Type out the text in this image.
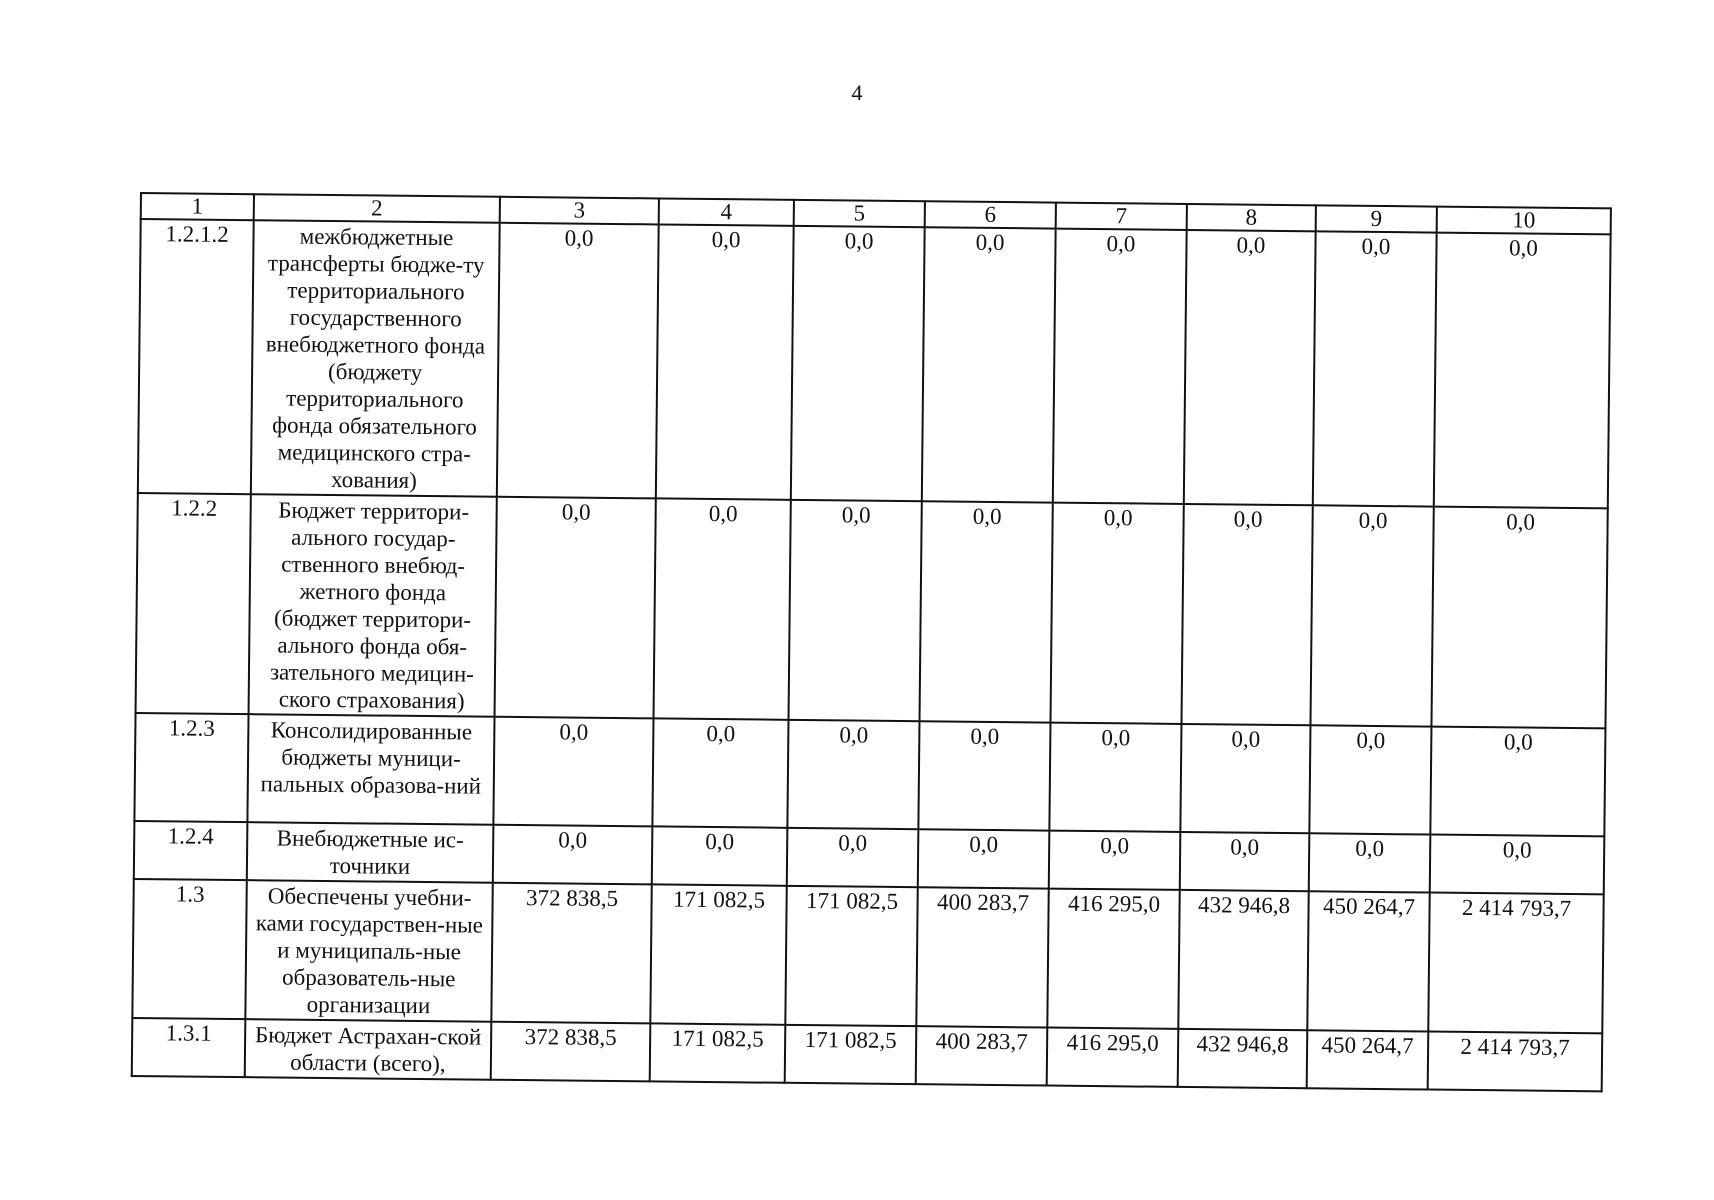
4
1	2	3	4	5	6	7	8	9	10
1.2.1.2	межбюджетные трансферты бюдже-ту территориального государственного внебюджетного фонда (бюджету территориального фонда обязательного медицинского стра-хования)	0,0	0,0	0,0	0,0	0,0	0,0	0,0	0,0
1.2.2	Бюджет территори-ального государ-ственного внебюд-жетного фонда (бюджет территори-ального фонда обя-зательного медицин-ского страхования)	0,0	0,0	0,0	0,0	0,0	0,0	0,0	0,0
1.2.3	Консолидированные бюджеты муници-пальных образова-ний	0,0	0,0	0,0	0,0	0,0	0,0	0,0	0,0
1.2.4	Внебюджетные ис-точники	0,0	0,0	0,0	0,0	0,0	0,0	0,0	0,0
1.3	Обеспечены учебни-ками государствен-ные и муниципаль-ные образователь-ные организации	372 838,5	171 082,5	171 082,5	400 283,7	416 295,0	432 946,8	450 264,7	2 414 793,7
1.3.1	Бюджет Астрахан-ской области (всего),	372 838,5	171 082,5	171 082,5	400 283,7	416 295,0	432 946,8	450 264,7	2 414 793,7
